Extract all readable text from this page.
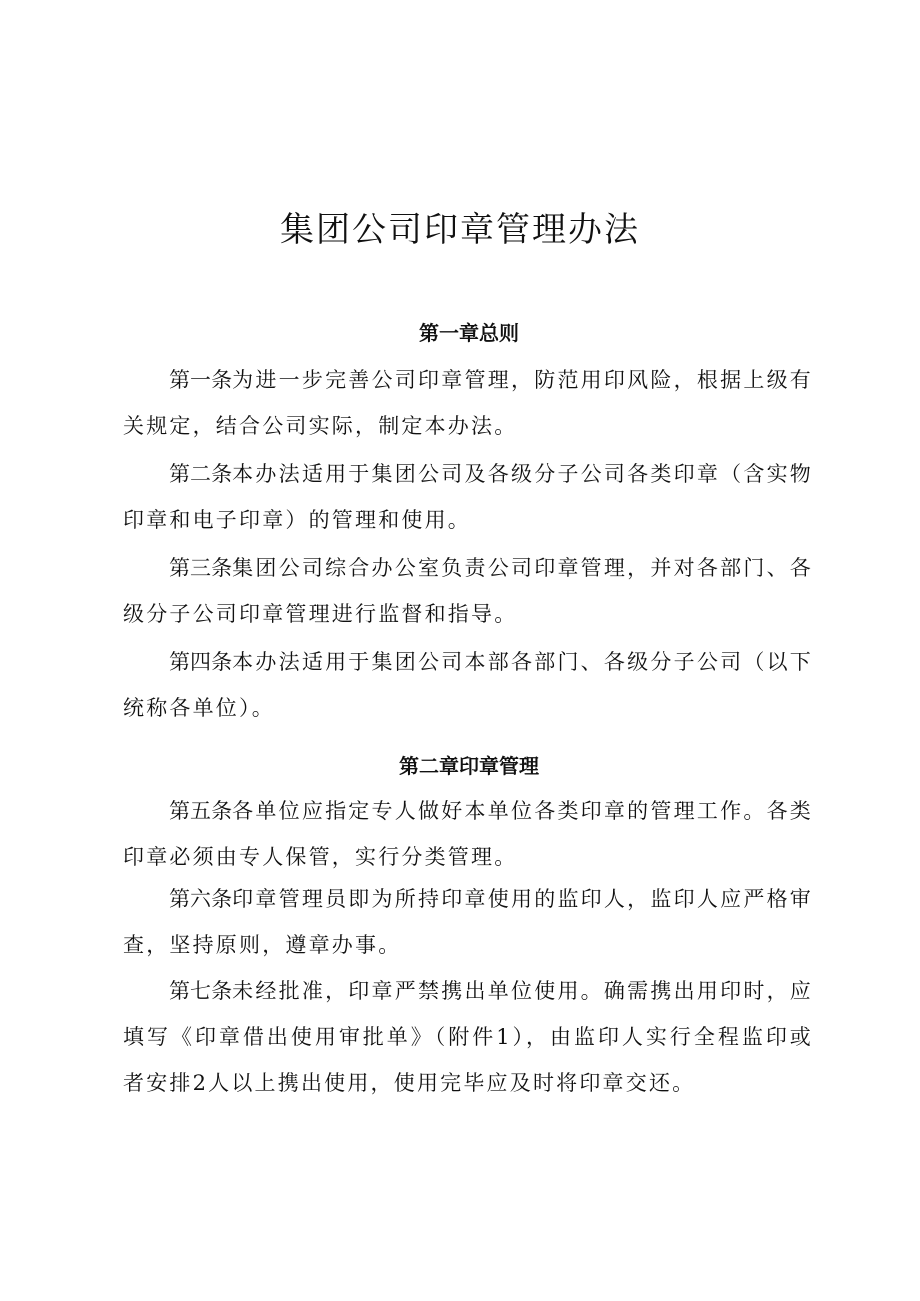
集团公司印章管理办法
第一章总则

第一条为进一步完善公司印章管理，防范用印风险，根据上级有关规定，结合公司实际，制定本办法。

第二条本办法适用于集团公司及各级分子公司各类印章（含实物印章和电子印章）的管理和使用。

第三条集团公司综合办公室负责公司印章管理，并对各部门、各级分子公司印章管理进行监督和指导。

第四条本办法适用于集团公司本部各部门、各级分子公司（以下 统称各单位）。

第二章印章管理

第五条各单位应指定专人做好本单位各类印章的管理工作。各类印章必须由专人保管，实行分类管理。

第六条印章管理员即为所持印章使用的监印人，监印人应严格审查，坚持原则，遵章办事。

第七条未经批准，印章严禁携出单位使用。确需携出用印时，应填写《印章借出使用审批单》（附件1），由监印人实行全程监印或者安排2人以上携出使用，使用完毕应及时将印章交还。
